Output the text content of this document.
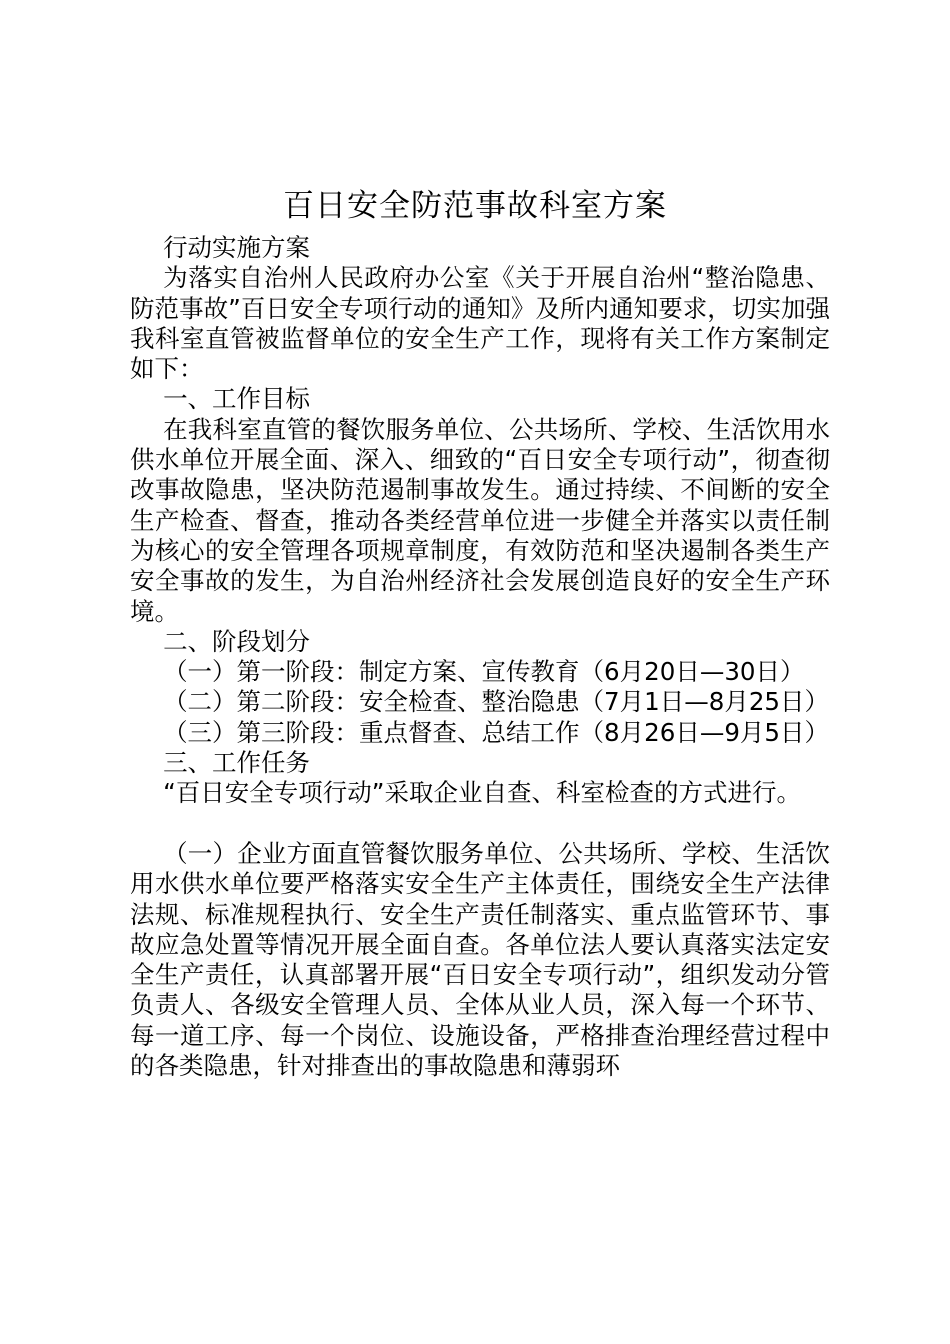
百日安全防范事故科室方案

行动实施方案

为落实自治州人民政府办公室《关于开展自治州“整治隐患、防范事故”百日安全专项行动的通知》及所内通知要求，切实加强我科室直管被监督单位的安全生产工作，现将有关工作方案制定如下：

一、工作目标

在我科室直管的餐饮服务单位、公共场所、学校、生活饮用水供水单位开展全面、深入、细致的“百日安全专项行动”，彻查彻改事故隐患，坚决防范遏制事故发生。通过持续、不间断的安全生产检查、督查，推动各类经营单位进一步健全并落实以责任制为核心的安全管理各项规章制度，有效防范和坚决遏制各类生产安全事故的发生，为自治州经济社会发展创造良好的安全生产环境。

二、阶段划分

（一）第一阶段：制定方案、宣传教育（6月20日—30日）

（二）第二阶段：安全检查、整治隐患（7月1日—8月25日）

（三）第三阶段：重点督查、总结工作（8月26日—9月5日）

三、工作任务

“百日安全专项行动”采取企业自查、科室检查的方式进行。

（一）企业方面直管餐饮服务单位、公共场所、学校、生活饮用水供水单位要严格落实安全生产主体责任，围绕安全生产法律法规、标准规程执行、安全生产责任制落实、重点监管环节、事故应急处置等情况开展全面自查。各单位法人要认真落实法定安全生产责任，认真部署开展“百日安全专项行动”，组织发动分管负责人、各级安全管理人员、全体从业人员，深入每一个环节、每一道工序、每一个岗位、设施设备，严格排查治理经营过程中的各类隐患，针对排查出的事故隐患和薄弱环
